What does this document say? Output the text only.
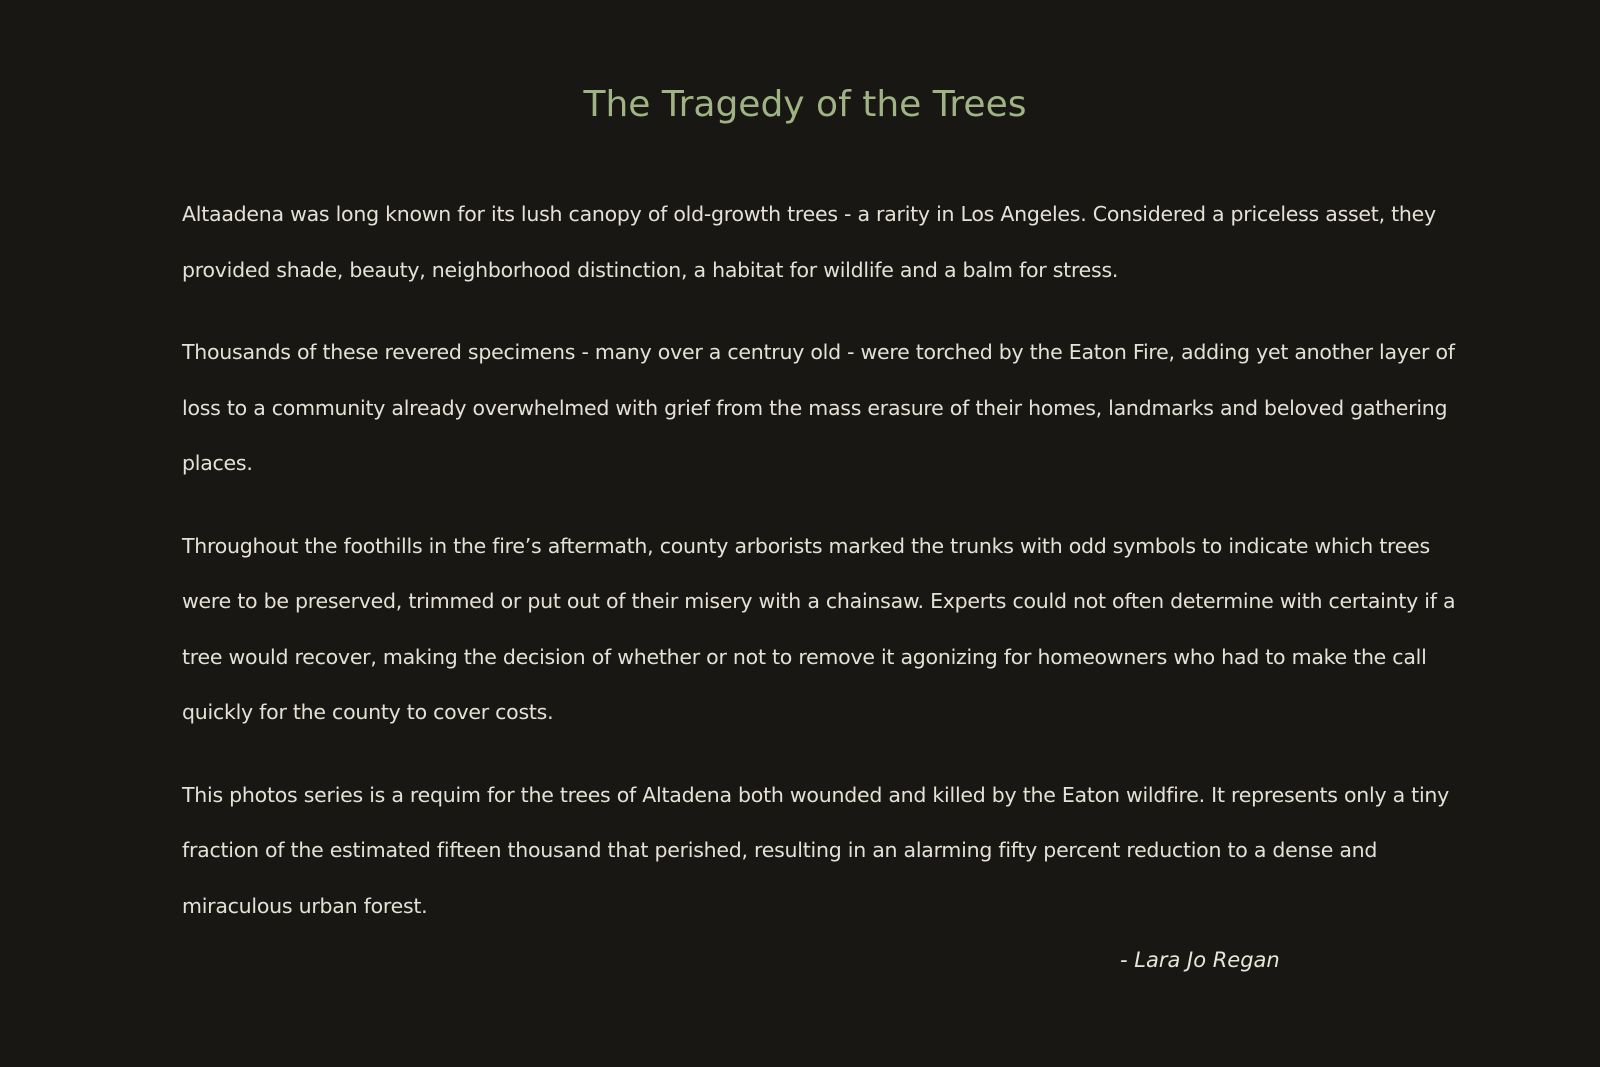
The Tragedy of the Trees

Altaadena was long known for its lush canopy of old-growth trees - a rarity in Los Angeles. Considered a priceless asset, they provided shade, beauty, neighborhood distinction, a habitat for wildlife and a balm for stress.

Thousands of these revered specimens - many over a centruy old - were torched by the Eaton Fire, adding yet another layer of loss to a community already overwhelmed with grief from the mass erasure of their homes, landmarks and beloved gathering places.

Throughout the foothills in the fire’s aftermath, county arborists marked the trunks with odd symbols to indicate which trees were to be preserved, trimmed or put out of their misery with a chainsaw. Experts could not often determine with certainty if a tree would recover, making the decision of whether or not to remove it agonizing for homeowners who had to make the call quickly for the county to cover costs.

This photos series is a requim for the trees of Altadena both wounded and killed by the Eaton wildfire. It represents only a tiny fraction of the estimated fifteen thousand that perished, resulting in an alarming fifty percent reduction to a dense and miraculous urban forest.

- Lara Jo Regan
